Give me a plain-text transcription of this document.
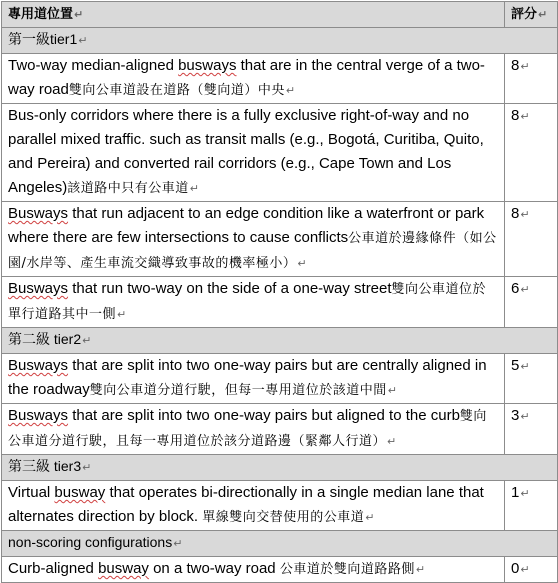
專用道位置↵	評分↵
第一級tier1↵	
Two-way median-aligned busways that are in the central verge of a two-way road雙向公車道設在道路（雙向道）中央↵	8↵
Bus-only corridors where there is a fully exclusive right-of-way and no parallel mixed traffic. such as transit malls (e.g., Bogotá, Curitiba, Quito, and Pereira) and converted rail corridors (e.g., Cape Town and Los Angeles)該道路中只有公車道↵	8↵
Busways that run adjacent to an edge condition like a waterfront or park where there are few intersections to cause conflicts公車道於邊緣條件（如公園/水岸等、產生車流交織導致事故的機率極小）↵	8↵
Busways that run two-way on the side of a one-way street雙向公車道位於單行道路其中一側↵	6↵
第二級 tier2↵	
Busways that are split into two one-way pairs but are centrally aligned in the roadway雙向公車道分道行駛，但每一專用道位於該道中間↵	5↵
Busways that are split into two one-way pairs but aligned to the curb雙向公車道分道行駛，且每一專用道位於該分道路邊（緊鄰人行道）↵	3↵
第三級 tier3↵	
Virtual busway that operates bi-directionally in a single median lane that alternates direction by block. 單線雙向交替使用的公車道↵	1↵
non-scoring configurations↵	
Curb-aligned busway on a two-way road 公車道於雙向道路路側↵	0↵
